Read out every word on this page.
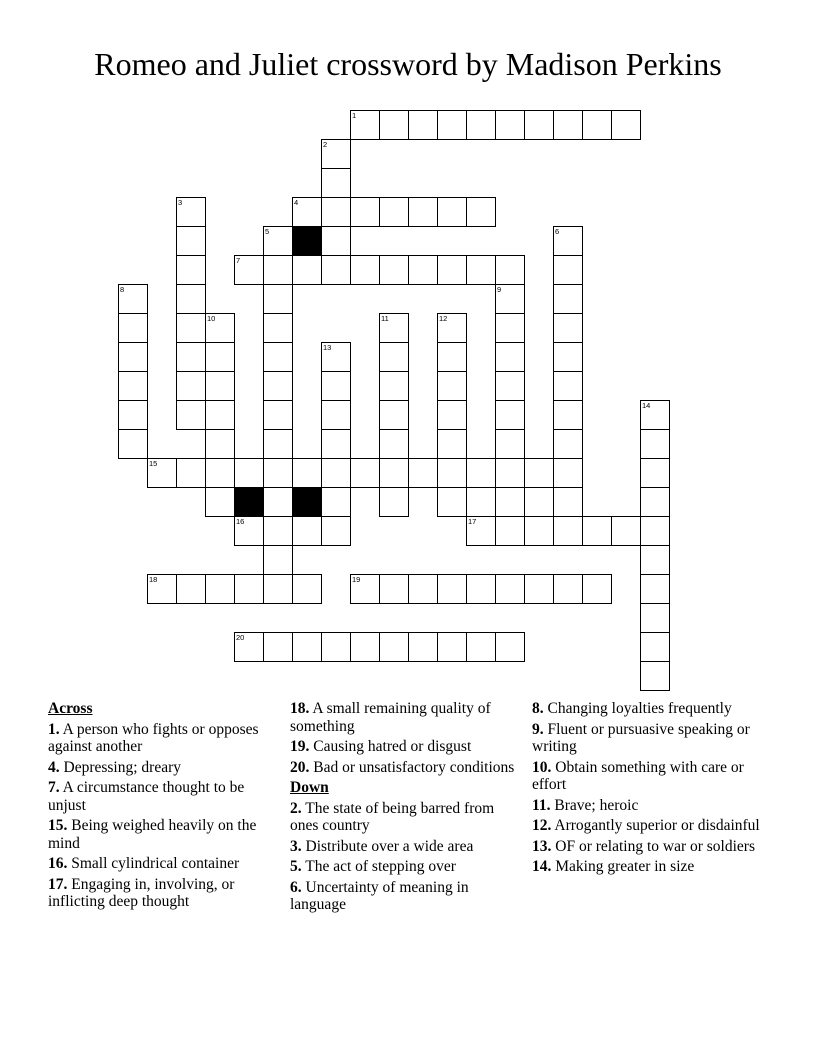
Romeo and Juliet crossword by Madison Perkins
1
2
3	4
5	6
7
8	9
10	11	12
13
14
15
16	17
18	19
20
Across
1. A person who fights or opposes against another
4. Depressing; dreary
7. A circumstance thought to be unjust
15. Being weighed heavily on the mind
16. Small cylindrical container
17. Engaging in, involving, or inflicting deep thought
18. A small remaining quality of something
19. Causing hatred or disgust
20. Bad or unsatisfactory conditions
Down
2. The state of being barred from ones country
3. Distribute over a wide area
5. The act of stepping over
6. Uncertainty of meaning in language
8. Changing loyalties frequently
9. Fluent or pursuasive speaking or writing
10. Obtain something with care or effort
11. Brave; heroic
12. Arrogantly superior or disdainful
13. OF or relating to war or soldiers
14. Making greater in size
